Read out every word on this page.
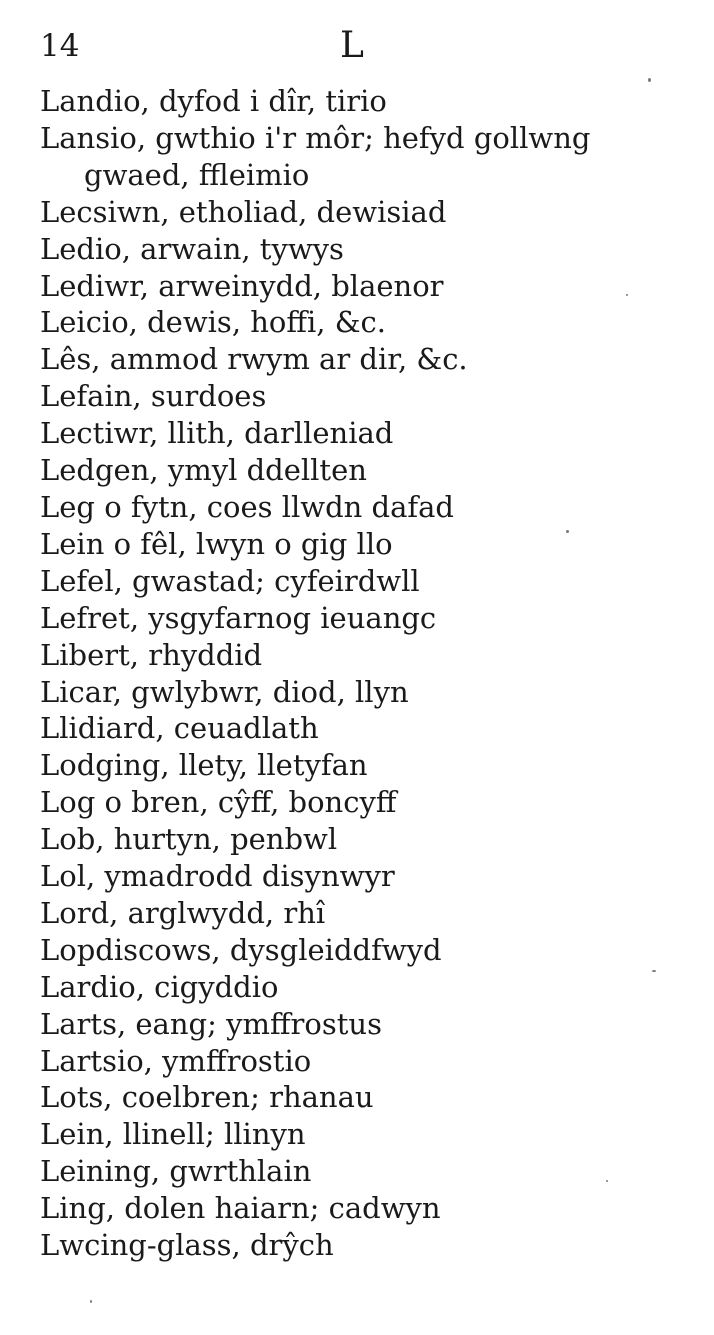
14	L
Landio, dyfod i dîr, tirio
Lansio, gwthio i'r môr; hefyd gollwng gwaed, ffleimio
Lecsiwn, etholiad, dewisiad
Ledio, arwain, tywys
Lediwr, arweinydd, blaenor
Leicio, dewis, hoffi, &c.
Lês, ammod rwym ar dir, &c.
Lefain, surdoes
Lectiwr, llith, darlleniad
Ledgen, ymyl ddellten
Leg o fytn, coes llwdn dafad
Lein o fêl, lwyn o gig llo
Lefel, gwastad; cyfeirdwll
Lefret, ysgyfarnog ieuangc
Libert, rhyddid
Licar, gwlybwr, diod, llyn
Llidiard, ceuadlath
Lodging, llety, lletyfan
Log o bren, cŷff, boncyff
Lob, hurtyn, penbwl
Lol, ymadrodd disynwyr
Lord, arglwydd, rhî
Lopdiscows, dysgleiddfwyd
Lardio, cigyddio
Larts, eang; ymffrostus
Lartsio, ymffrostio
Lots, coelbren; rhanau
Lein, llinell; llinyn
Leining, gwrthlain
Ling, dolen haiarn; cadwyn
Lwcing-glass, drŷch
